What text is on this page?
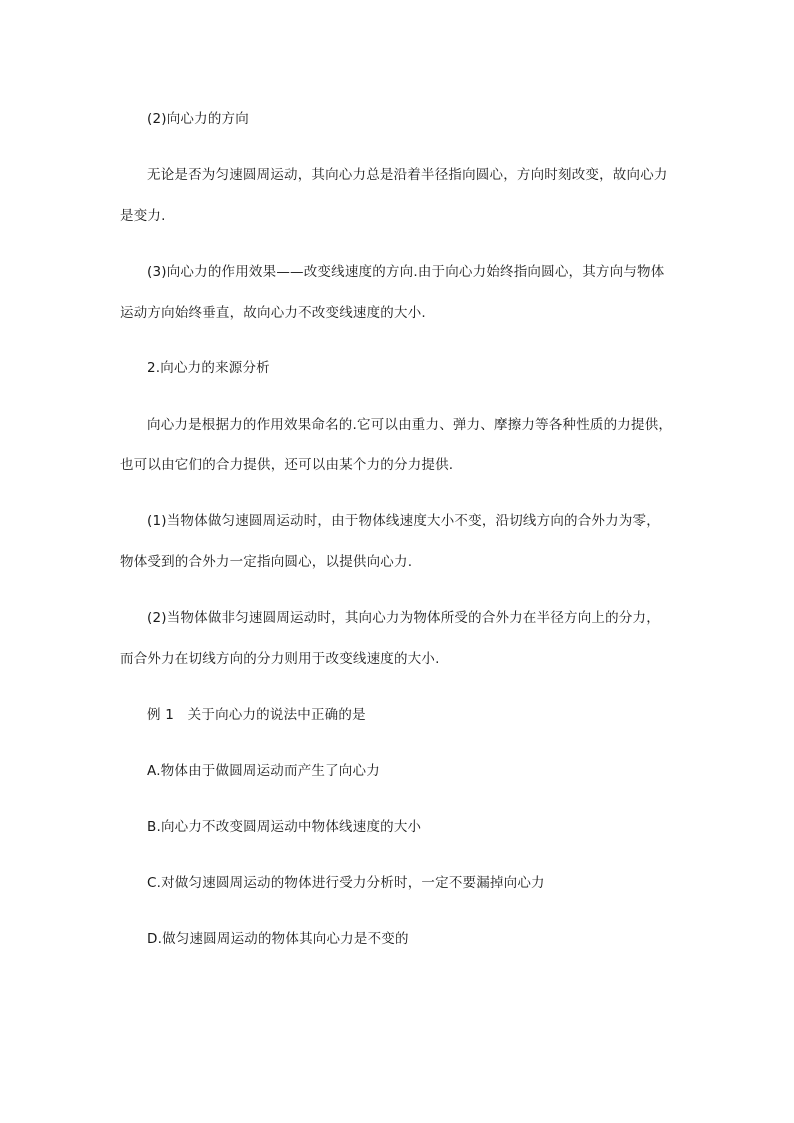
(2)向心力的方向
无论是否为匀速圆周运动，其向心力总是沿着半径指向圆心，方向时刻改变，故向心力
是变力.
(3)向心力的作用效果——改变线速度的方向.由于向心力始终指向圆心，其方向与物体
运动方向始终垂直，故向心力不改变线速度的大小.
2.向心力的来源分析
向心力是根据力的作用效果命名的.它可以由重力、弹力、摩擦力等各种性质的力提供，
也可以由它们的合力提供，还可以由某个力的分力提供.
(1)当物体做匀速圆周运动时，由于物体线速度大小不变，沿切线方向的合外力为零，
物体受到的合外力一定指向圆心，以提供向心力.
(2)当物体做非匀速圆周运动时，其向心力为物体所受的合外力在半径方向上的分力，
而合外力在切线方向的分力则用于改变线速度的大小.
例 1　关于向心力的说法中正确的是
A.物体由于做圆周运动而产生了向心力
B.向心力不改变圆周运动中物体线速度的大小
C.对做匀速圆周运动的物体进行受力分析时，一定不要漏掉向心力
D.做匀速圆周运动的物体其向心力是不变的
